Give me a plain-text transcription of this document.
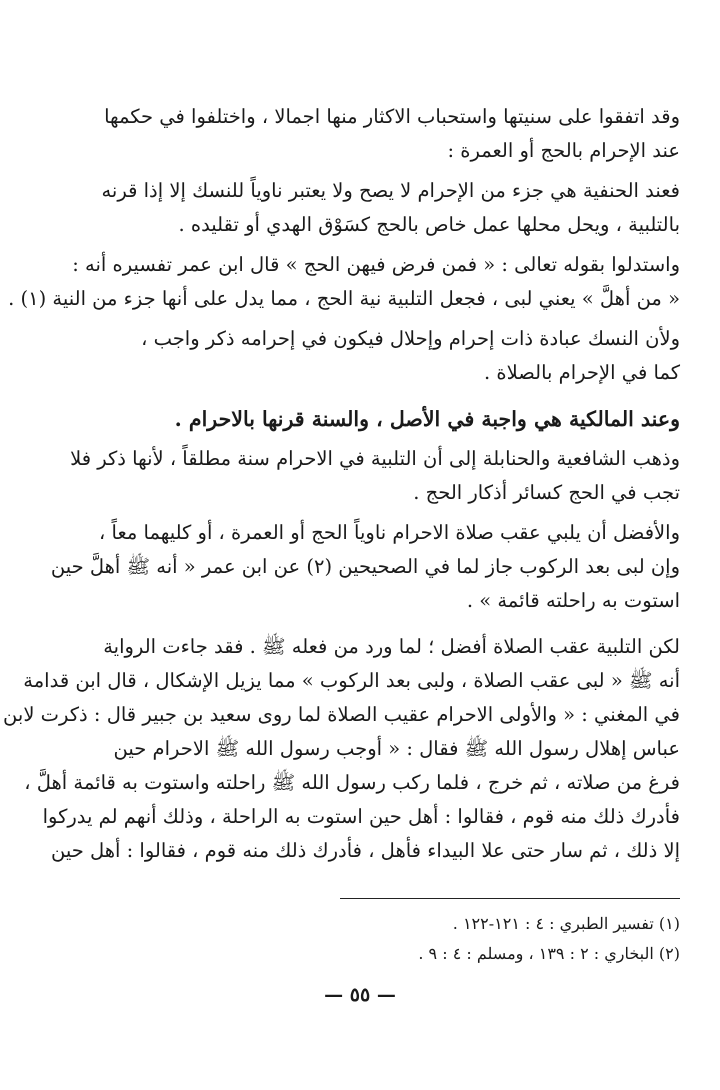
وقد اتفقوا على سنيتها واستحباب الاكثار منها اجمالا ، واختلفوا في حكمها
عند الإحرام بالحج أو العمرة :
فعند الحنفية هي جزء من الإحرام لا يصح ولا يعتبر ناوياً للنسك إلا إذا قرنه
بالتلبية ، ويحل محلها عمل خاص بالحج كسَوْق الهدي أو تقليده .
واستدلوا بقوله تعالى : « فمن فرض فيهن الحج » قال ابن عمر تفسيره أنه :
« من أهلَّ » يعني لبى ، فجعل التلبية نية الحج ، مما يدل على أنها جزء من النية (١) .
ولأن النسك عبادة ذات إحرام وإحلال فيكون في إحرامه ذكر واجب ،
كما في الإحرام بالصلاة .
وعند المالكية هي واجبة في الأصل ، والسنة قرنها بالاحرام .
وذهب الشافعية والحنابلة إلى أن التلبية في الاحرام سنة مطلقاً ، لأنها ذكر فلا
تجب في الحج كسائر أذكار الحج .
والأفضل أن يلبي عقب صلاة الاحرام ناوياً الحج أو العمرة ، أو كليهما معاً ،
وإن لبى بعد الركوب جاز لما في الصحيحين (٢) عن ابن عمر « أنه ﷺ أهلَّ حين
استوت به راحلته قائمة » .
لكن التلبية عقب الصلاة أفضل ؛ لما ورد من فعله ﷺ . فقد جاءت الرواية
أنه ﷺ « لبى عقب الصلاة ، ولبى بعد الركوب » مما يزيل الإشكال ، قال ابن قدامة
في المغني : « والأولى الاحرام عقيب الصلاة لما روى سعيد بن جبير قال : ذكرت لابن
عباس إهلال رسول الله ﷺ فقال : « أوجب رسول الله ﷺ الاحرام حين
فرغ من صلاته ، ثم خرج ، فلما ركب رسول الله ﷺ راحلته واستوت به قائمة أهلَّ ،
فأدرك ذلك منه قوم ، فقالوا : أهل حين استوت به الراحلة ، وذلك أنهم لم يدركوا
إلا ذلك ، ثم سار حتى علا البيداء فأهل ، فأدرك ذلك منه قوم ، فقالوا : أهل حين
(١) تفسير الطبري : ٤ : ١٢١-١٢٢ .
(٢) البخاري : ٢ : ١٣٩ ، ومسلم : ٤ : ٩ .
— ٥٥ —
